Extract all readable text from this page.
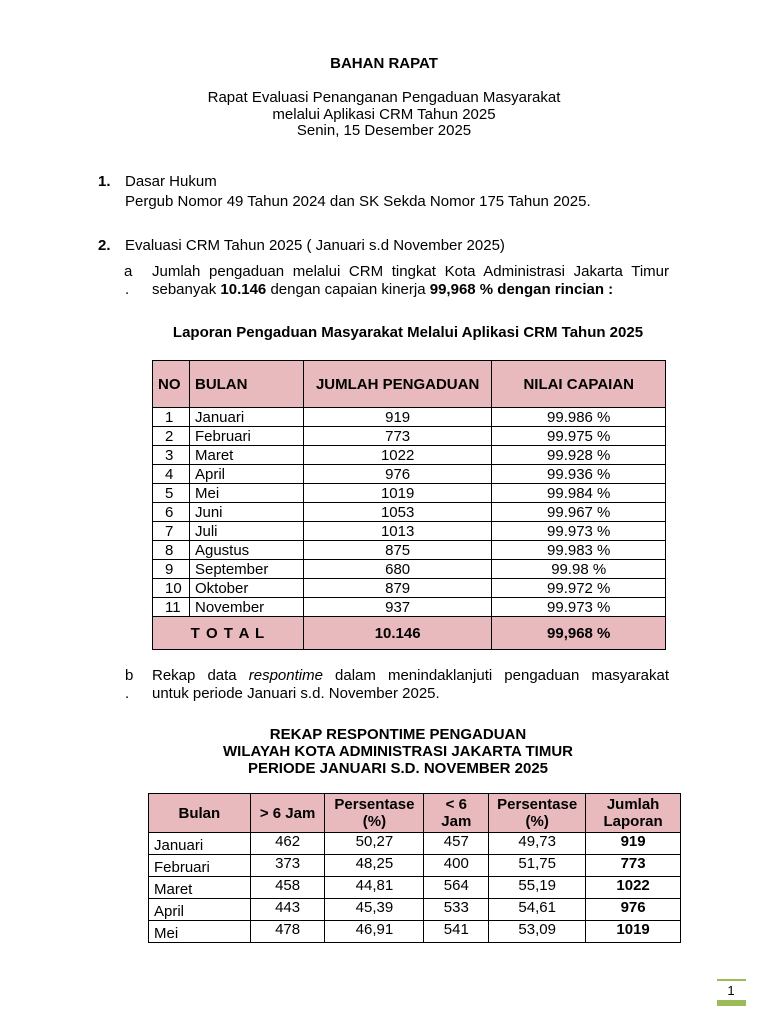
BAHAN RAPAT
Rapat Evaluasi Penanganan Pengaduan Masyarakat
melalui Aplikasi CRM Tahun 2025
Senin, 15 Desember 2025
1. Dasar Hukum
Pergub Nomor 49 Tahun 2024 dan SK Sekda Nomor 175 Tahun 2025.
2. Evaluasi CRM Tahun 2025 ( Januari s.d November 2025)
a
.
Jumlah pengaduan melalui CRM tingkat Kota Administrasi Jakarta Timur
sebanyak 10.146 dengan capaian kinerja 99,968 % dengan rincian :
Laporan Pengaduan Masyarakat Melalui Aplikasi CRM Tahun 2025
NO	BULAN	JUMLAH PENGADUAN	NILAI CAPAIAN
1	Januari	919	99.986 %
2	Februari	773	99.975 %
3	Maret	1022	99.928 %
4	April	976	99.936 %
5	Mei	1019	99.984 %
6	Juni	1053	99.967 %
7	Juli	1013	99.973 %
8	Agustus	875	99.983 %
9	September	680	99.98 %
10	Oktober	879	99.972 %
11	November	937	99.973 %
T O T A L		10.146	99,968 %
b
.
Rekap data respontime dalam menindaklanjuti pengaduan masyarakat
untuk periode Januari s.d. November 2025.
REKAP RESPONTIME PENGADUAN
WILAYAH KOTA ADMINISTRASI JAKARTA TIMUR
PERIODE JANUARI S.D. NOVEMBER 2025
Bulan	> 6 Jam	Persentase (%)	< 6 Jam	Persentase (%)	Jumlah Laporan
Januari	462	50,27	457	49,73	919
Februari	373	48,25	400	51,75	773
Maret	458	44,81	564	55,19	1022
April	443	45,39	533	54,61	976
Mei	478	46,91	541	53,09	1019
1
